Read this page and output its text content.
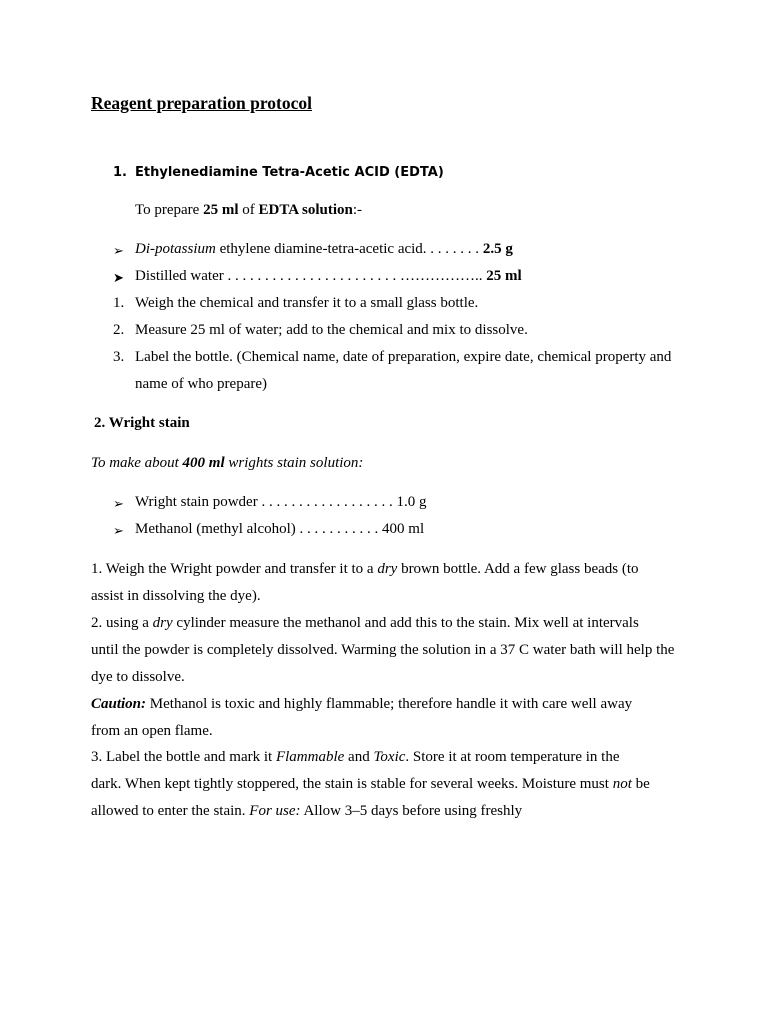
Reagent preparation protocol
1. Ethylenediamine Tetra-Acetic ACID (EDTA)
To prepare 25 ml of EDTA solution:-
➢ Di-potassium ethylene diamine-tetra-acetic acid. . . . . . . . 2.5 g
➤ Distilled water . . . . . . . . . . . . . . . . . . . . . . . …………….. 25 ml
1. Weigh the chemical and transfer it to a small glass bottle.
2. Measure 25 ml of water; add to the chemical and mix to dissolve.
3. Label the bottle. (Chemical name, date of preparation, expire date, chemical property and
name of who prepare)
2. Wright stain
To make about 400 ml wrights stain solution:
➢ Wright stain powder . . . . . . . . . . . . . . . . . . 1.0 g
➢ Methanol (methyl alcohol) . . . . . . . . . . . 400 ml
1. Weigh the Wright powder and transfer it to a dry brown bottle. Add a few glass beads (to
assist in dissolving the dye).
2. using a dry cylinder measure the methanol and add this to the stain. Mix well at intervals
until the powder is completely dissolved. Warming the solution in a 37 C water bath will help the
dye to dissolve.
Caution: Methanol is toxic and highly flammable; therefore handle it with care well away
from an open flame.
3. Label the bottle and mark it Flammable and Toxic. Store it at room temperature in the
dark. When kept tightly stoppered, the stain is stable for several weeks. Moisture must not be
allowed to enter the stain. For use: Allow 3–5 days before using freshly
